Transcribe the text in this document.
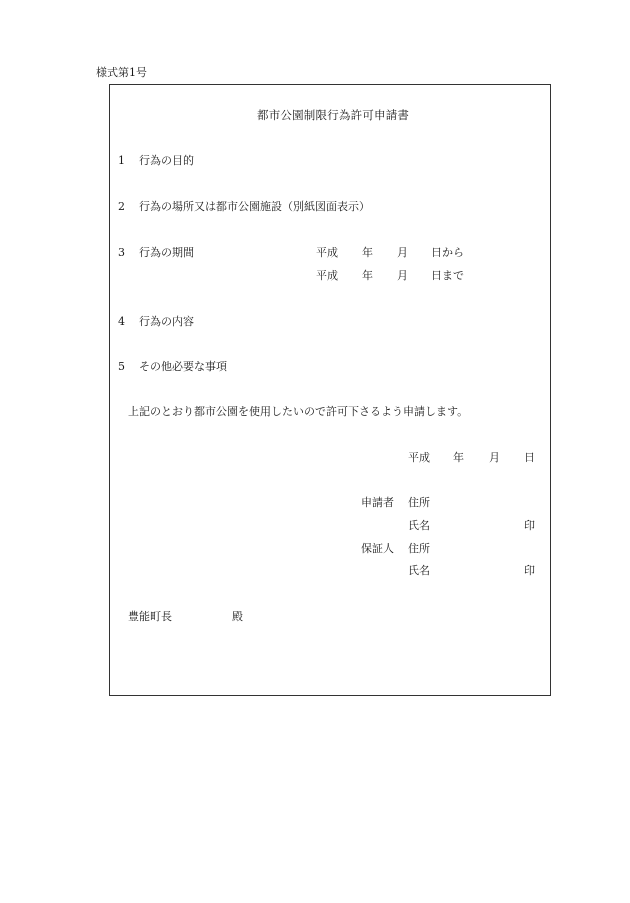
様式第1号
都市公園制限行為許可申請書
1 行為の目的
2 行為の場所又は都市公園施設（別紙図面表示）
3 行為の期間	平成 年 月 日から
平成 年 月 日まで
4 行為の内容
5 その他必要な事項
上記のとおり都市公園を使用したいので許可下さるよう申請します。
平成 年 月 日
申請者 住所
氏名	印
保証人 住所
氏名	印
豊能町長	殿
